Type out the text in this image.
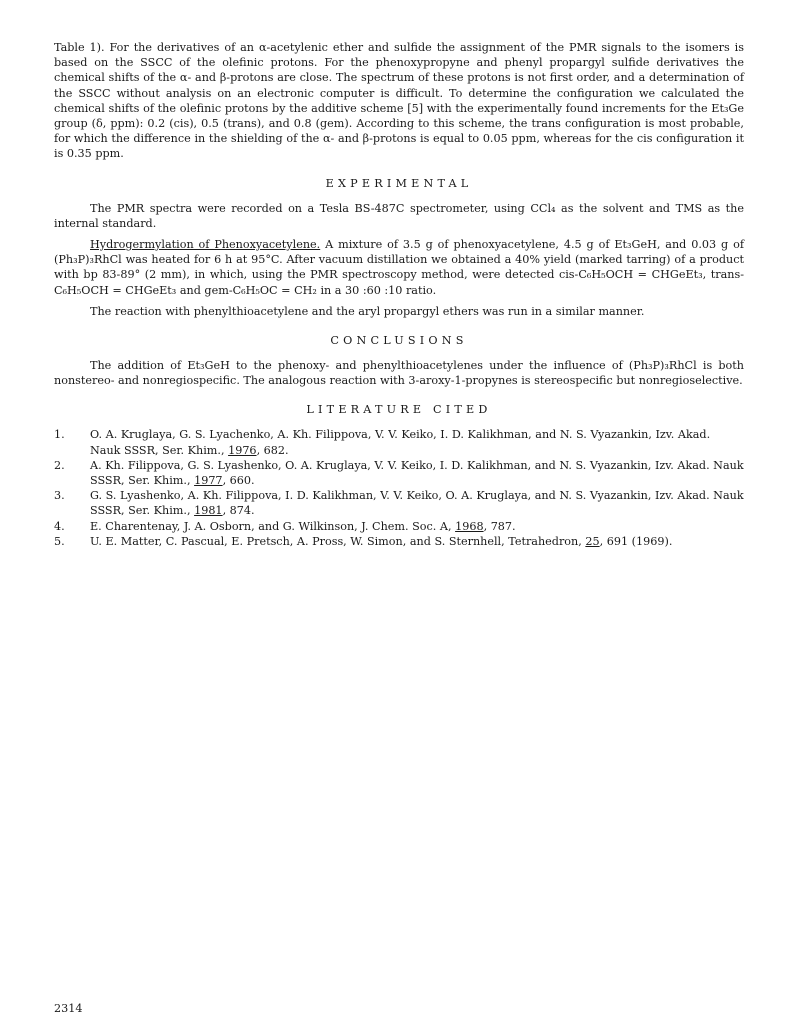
Table 1). For the derivatives of an α-acetylenic ether and sulfide the assignment of the PMR signals to the isomers is based on the SSCC of the olefinic protons. For the phenoxypropyne and phenyl propargyl sulfide derivatives the chemical shifts of the α- and β-protons are close. The spectrum of these protons is not first order, and a determination of the SSCC without analysis on an electronic computer is difficult. To determine the configuration we calculated the chemical shifts of the olefinic protons by the additive scheme [5] with the experimentally found increments for the Et₃Ge group (δ, ppm): 0.2 (cis), 0.5 (trans), and 0.8 (gem). According to this scheme, the trans configuration is most probable, for which the difference in the shielding of the α- and β-protons is equal to 0.05 ppm, whereas for the cis configuration it is 0.35 ppm.

EXPERIMENTAL

The PMR spectra were recorded on a Tesla BS-487C spectrometer, using CCl₄ as the solvent and TMS as the internal standard.

Hydrogermylation of Phenoxyacetylene. A mixture of 3.5 g of phenoxyacetylene, 4.5 g of Et₃GeH, and 0.03 g of (Ph₃P)₃RhCl was heated for 6 h at 95°C. After vacuum distillation we obtained a 40% yield (marked tarring) of a product with bp 83-89° (2 mm), in which, using the PMR spectroscopy method, were detected cis-C₆H₅OCH = CHGeEt₃, trans-C₆H₅OCH = CHGeEt₃ and gem-C₆H₅OC = CH₂ in a 30 :60 :10 ratio.

The reaction with phenylthioacetylene and the aryl propargyl ethers was run in a similar manner.

CONCLUSIONS

The addition of Et₃GeH to the phenoxy- and phenylthioacetylenes under the influence of (Ph₃P)₃RhCl is both nonstereo- and nonregiospecific. The analogous reaction with 3-aroxy-1-propynes is stereospecific but nonregioselective.

LITERATURE CITED
1. O. A. Kruglaya, G. S. Lyachenko, A. Kh. Filippova, V. V. Keiko, I. D. Kalikhman, and N. S. Vyazankin, Izv. Akad. Nauk SSSR, Ser. Khim., 1976, 682.
2. A. Kh. Filippova, G. S. Lyashenko, O. A. Kruglaya, V. V. Keiko, I. D. Kalikhman, and N. S. Vyazankin, Izv. Akad. Nauk SSSR, Ser. Khim., 1977, 660.
3. G. S. Lyashenko, A. Kh. Filippova, I. D. Kalikhman, V. V. Keiko, O. A. Kruglaya, and N. S. Vyazankin, Izv. Akad. Nauk SSSR, Ser. Khim., 1981, 874.
4. E. Charentenay, J. A. Osborn, and G. Wilkinson, J. Chem. Soc. A, 1968, 787.
5. U. E. Matter, C. Pascual, E. Pretsch, A. Pross, W. Simon, and S. Sternhell, Tetrahedron, 25, 691 (1969).
2314
